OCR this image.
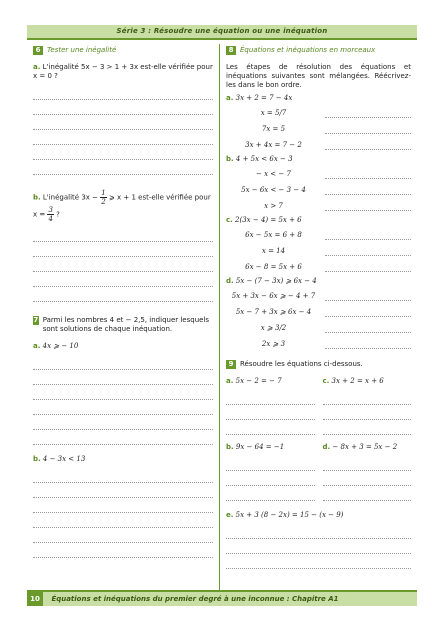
Série 3 : Résoudre une équation ou une inéquation
6 Tester une inégalité
a. L'inégalité 5x − 3 > 1 + 3x est-elle vérifiée pour x = 0 ?
b. L'inégalité $3x - \frac{1}{2}$ ⩾ x + 1 est-elle vérifiée pour
$x = \frac{3}{4}$ ?
7 Parmi les nombres 4 et − 2,5, indiquer lesquels sont solutions de chaque inéquation.
a. 4x ⩾ − 10
b. 4 − 3x < 13
8 Équations et inéquations en morceaux
Les étapes de résolution des équations et inéquations suivantes sont mélangées. Réécrivez-les dans le bon ordre.
a. 3x + 2 = 7 − 4x
x = 5/7
7x = 5
3x + 4x = 7 − 2
b. 4 + 5x < 6x − 3
− x < − 7
5x − 6x < − 3 − 4
x > 7
c. 2(3x − 4) = 5x + 6
6x − 5x = 6 + 8
x = 14
6x − 8 = 5x + 6
d. 5x − (7 − 3x) ⩾ 6x − 4
5x + 3x − 6x ⩾ − 4 + 7
5x − 7 + 3x ⩾ 6x − 4
x ⩾ 3/2
2x ⩾ 3
9 Résoudre les équations ci-dessous.
a. 5x − 2 = − 7	c. 3x + 2 = x + 6
b. 9x − 64 = −1	d. − 8x + 3 = 5x − 2
e. 5x + 3 (8 − 2x) = 15 − (x − 9)
10 Équations et inéquations du premier degré à une inconnue : Chapitre A1
